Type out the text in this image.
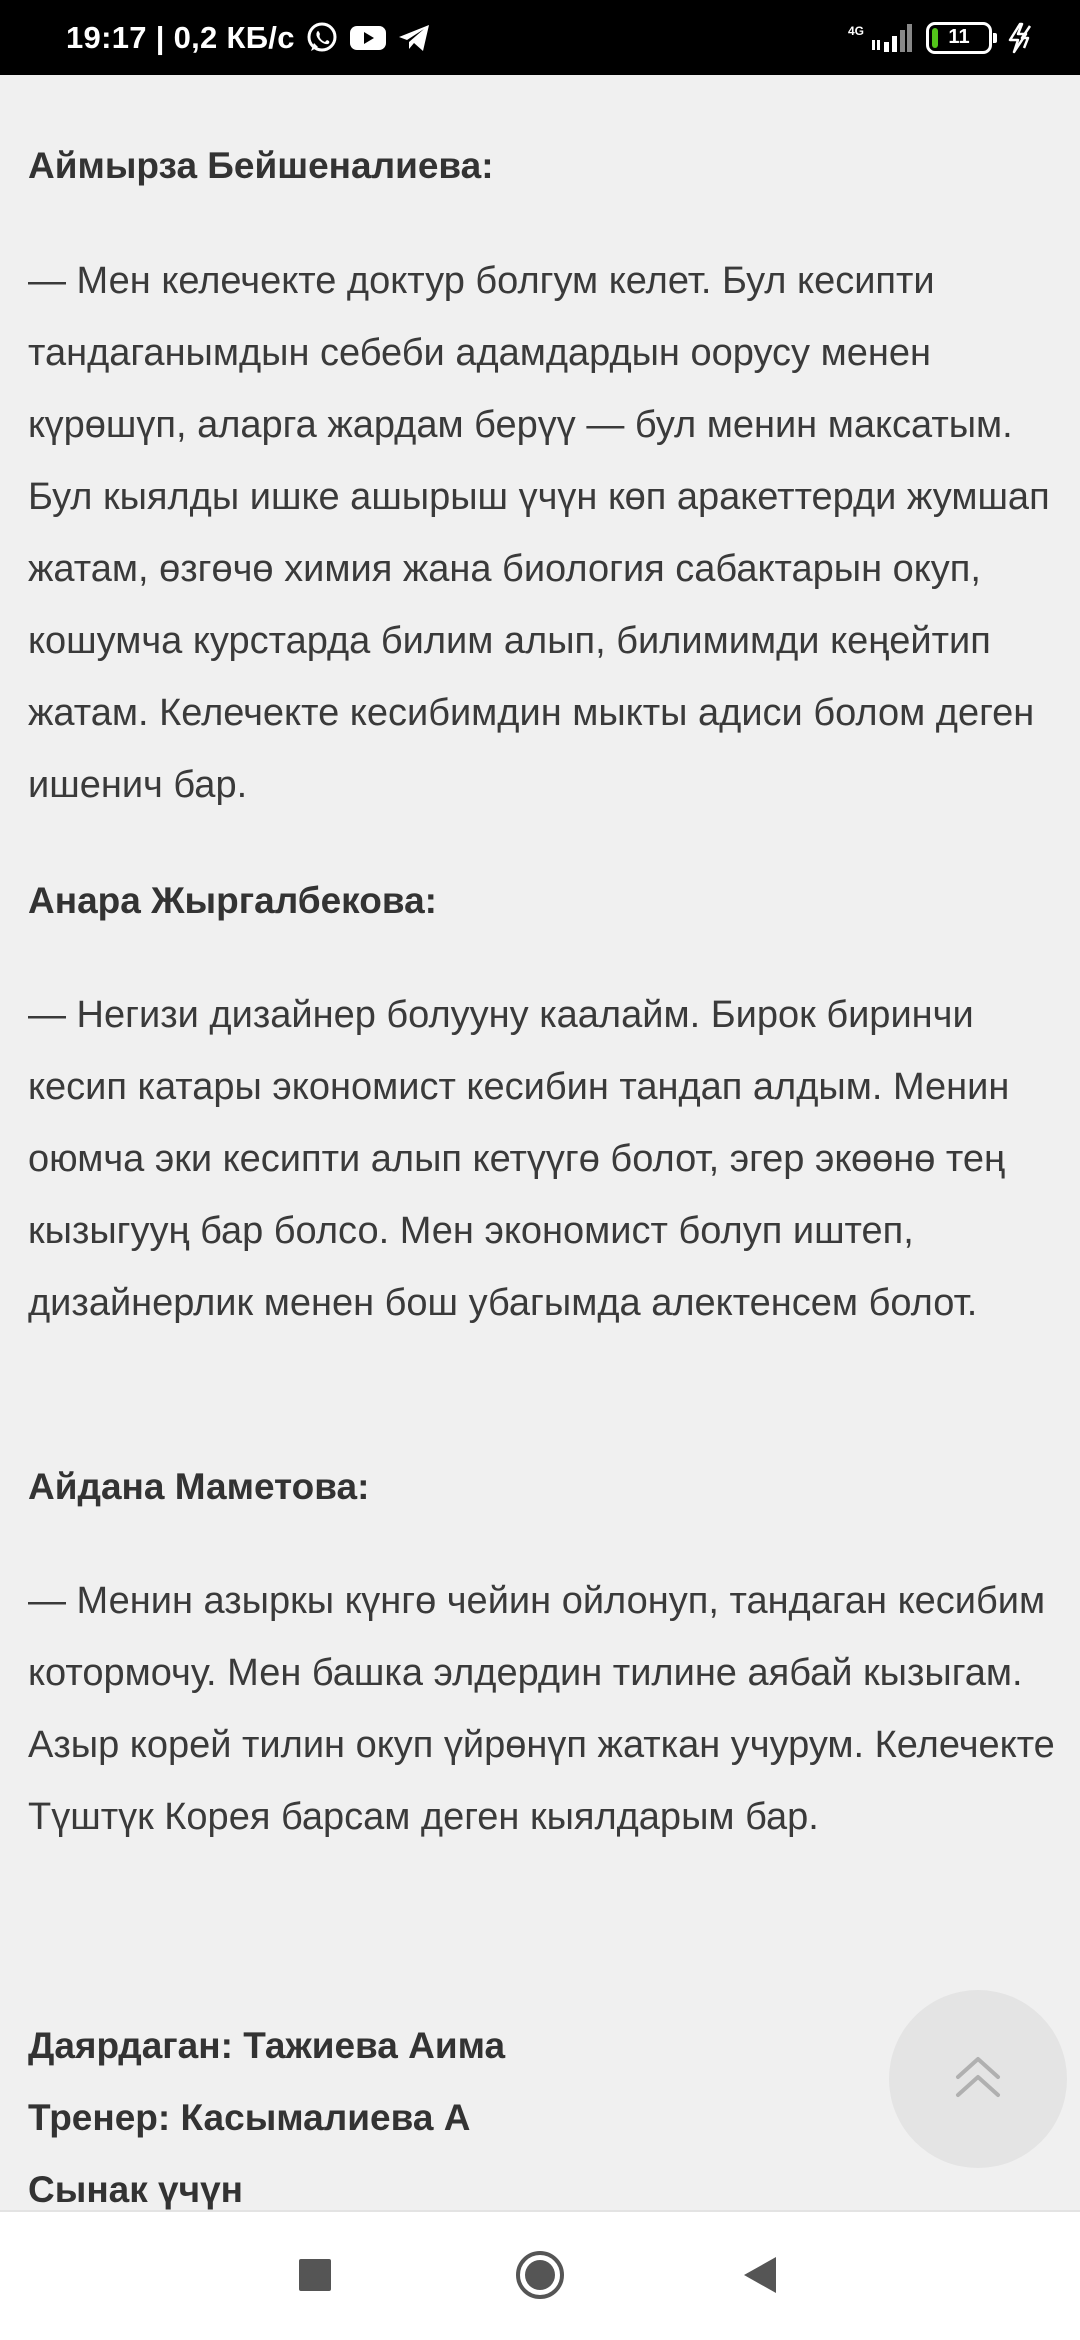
19:17 | 0,2 КБ/с	4G	11

Аймырза Бейшеналиева:

— Мен келечекте доктур болгум келет. Бул кесипти тандаганымдын себеби адамдардын оорусу менен күрөшүп, аларга жардам берүү — бул менин максатым. Бул кыялды ишке ашырыш үчүн көп аракеттерди жумшап жатам, өзгөчө химия жана биология сабактарын окуп, кошумча курстарда билим алып, билимимди кеңейтип жатам. Келечекте кесибимдин мыкты адиси болом деген ишенич бар.

Анара Жыргалбекова:

— Негизи дизайнер болууну каалайм. Бирок биринчи кесип катары экономист кесибин тандап алдым. Менин оюмча эки кесипти алып кетүүгө болот, эгер экөөнө тең кызыгууң бар болсо. Мен экономист болуп иштеп, дизайнерлик менен бош убагымда алектенсем болот.

Айдана Маметова:

— Менин азыркы күнгө чейин ойлонуп, тандаган кесибим котормочу. Мен башка элдердин тилине аябай кызыгам. Азыр корей тилин окуп үйрөнүп жаткан учурум. Келечекте Түштүк Корея барсам деген кыялдарым бар.

Даярдаган: Тажиева Аима

Тренер: Касымалиева А

Сынак үчүн
